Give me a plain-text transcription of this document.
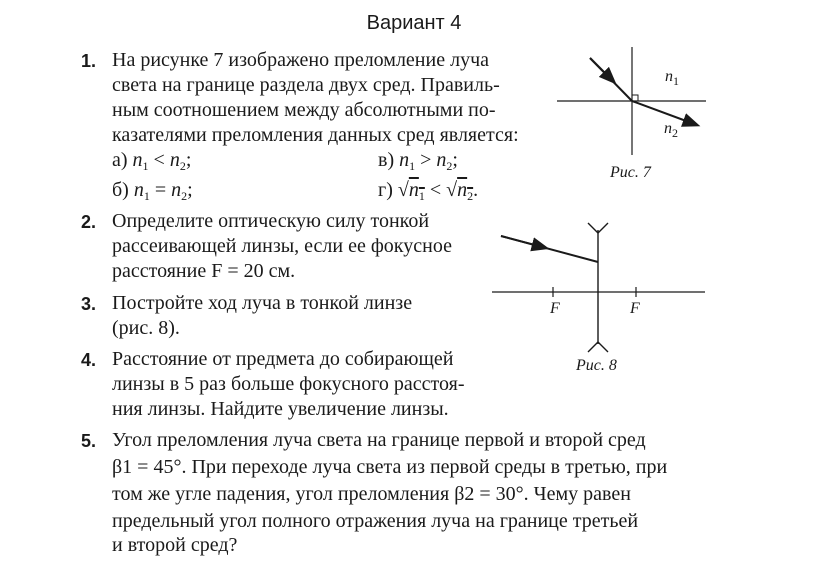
Вариант 4
1. На рисунке 7 изображено преломление луча
света на границе раздела двух сред. Правиль-
ным соотношением между абсолютными по-
казателями преломления данных сред является:
а) $n_1 < n_2$;	в) $n_1 > n_2$;
б) $n_1 = n_2$;	г) $√n_1 < √n_2$.
$n_1$
$n_2$
Рис. 7
2. Определите оптическую силу тонкой
рассеивающей линзы, если ее фокусное
расстояние F = 20 см.
3. Постройте ход луча в тонкой линзе
(рис. 8).
F	F
Рис. 8
4. Расстояние от предмета до собирающей
линзы в 5 раз больше фокусного расстоя-
ния линзы. Найдите увеличение линзы.
5. Угол преломления луча света на границе первой и второй сред
β1 = 45°. При переходе луча света из первой среды в третью, при
том же угле падения, угол преломления β2 = 30°. Чему равен
предельный угол полного отражения луча на границе третьей
и второй сред?
